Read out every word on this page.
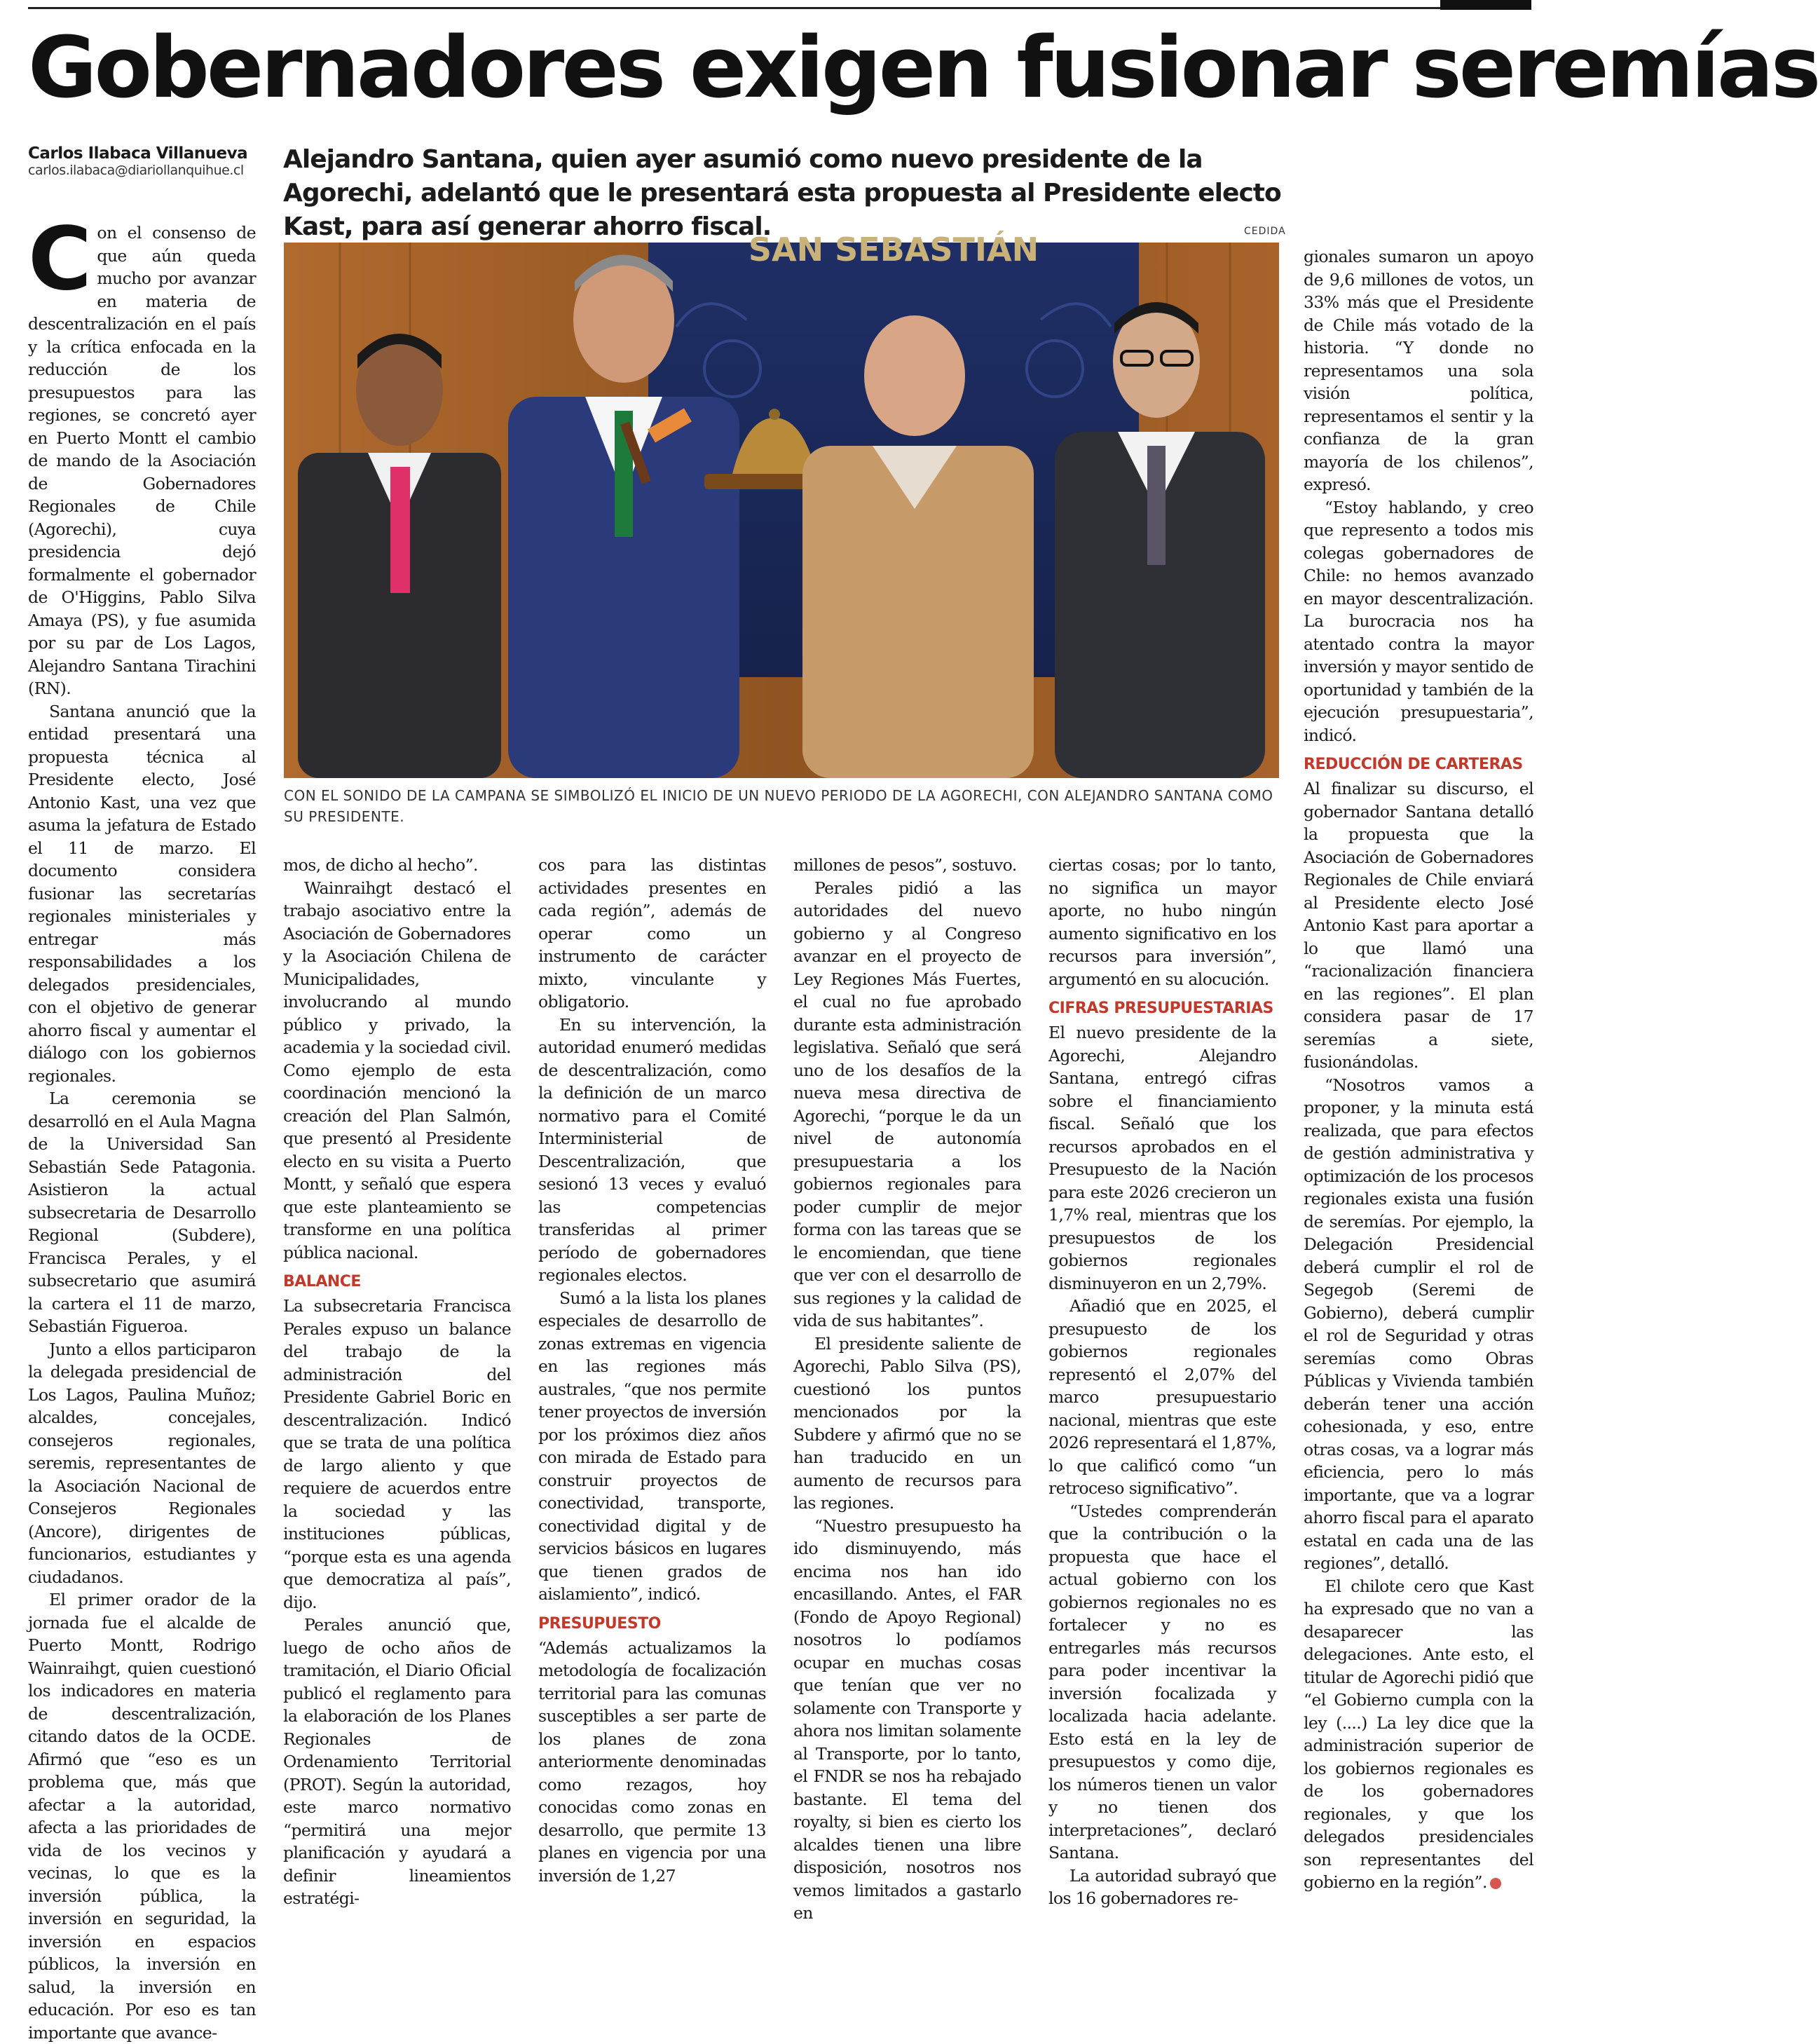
Gobernadores exigen fusionar seremías
Carlos Ilabaca Villanueva
carlos.ilabaca@diariollanquihue.cl	Alejandro Santana, quien ayer asumió como nuevo presidente de la Agorechi, adelantó que le presentará esta propuesta al Presidente electo Kast, para así generar ahorro fiscal.	CEDIDA
SAN SEBASTIÁN
CON EL SONIDO DE LA CAMPANA SE SIMBOLIZÓ EL INICIO DE UN NUEVO PERIODO DE LA AGORECHI, CON ALEJANDRO SANTANA COMO SU PRESIDENTE.

Con el consenso de que aún queda mucho por avanzar en materia de descentralización en el país y la crítica enfocada en la reducción de los presupuestos para las regiones, se concretó ayer en Puerto Montt el cambio de mando de la Asociación de Gobernadores Regionales de Chile (Agorechi), cuya presidencia dejó formalmente el gobernador de O'Higgins, Pablo Silva Amaya (PS), y fue asumida por su par de Los Lagos, Alejandro Santana Tirachini (RN).

Santana anunció que la entidad presentará una propuesta técnica al Presidente electo, José Antonio Kast, una vez que asuma la jefatura de Estado el 11 de marzo. El documento considera fusionar las secretarías regionales ministeriales y entregar más responsabilidades a los delegados presidenciales, con el objetivo de generar ahorro fiscal y aumentar el diálogo con los gobiernos regionales.

La ceremonia se desarrolló en el Aula Magna de la Universidad San Sebastián Sede Patagonia. Asistieron la actual subsecretaria de Desarrollo Regional (Subdere), Francisca Perales, y el subsecretario que asumirá la cartera el 11 de marzo, Sebastián Figueroa.

Junto a ellos participaron la delegada presidencial de Los Lagos, Paulina Muñoz; alcaldes, concejales, consejeros regionales, seremis, representantes de la Asociación Nacional de Consejeros Regionales (Ancore), dirigentes de funcionarios, estudiantes y ciudadanos.

El primer orador de la jornada fue el alcalde de Puerto Montt, Rodrigo Wainraihgt, quien cuestionó los indicadores en materia de descentralización, citando datos de la OCDE. Afirmó que “eso es un problema que, más que afectar a la autoridad, afecta a las prioridades de vida de los vecinos y vecinas, lo que es la inversión pública, la inversión en seguridad, la inversión en espacios públicos, la inversión en salud, la inversión en educación. Por eso es tan importante que avance-

mos, de dicho al hecho”.

Wainraihgt destacó el trabajo asociativo entre la Asociación de Gobernadores y la Asociación Chilena de Municipalidades, involucrando al mundo público y privado, la academia y la sociedad civil. Como ejemplo de esta coordinación mencionó la creación del Plan Salmón, que presentó al Presidente electo en su visita a Puerto Montt, y señaló que espera que este planteamiento se transforme en una política pública nacional.

BALANCE

La subsecretaria Francisca Perales expuso un balance del trabajo de la administración del Presidente Gabriel Boric en descentralización. Indicó que se trata de una política de largo aliento y que requiere de acuerdos entre la sociedad y las instituciones públicas, “porque esta es una agenda que democratiza al país”, dijo.

Perales anunció que, luego de ocho años de tramitación, el Diario Oficial publicó el reglamento para la elaboración de los Planes Regionales de Ordenamiento Territorial (PROT). Según la autoridad, este marco normativo “permitirá una mejor planificación y ayudará a definir lineamientos estratégi-

cos para las distintas actividades presentes en cada región”, además de operar como un instrumento de carácter mixto, vinculante y obligatorio.

En su intervención, la autoridad enumeró medidas de descentralización, como la definición de un marco normativo para el Comité Interministerial de Descentralización, que sesionó 13 veces y evaluó las competencias transferidas al primer período de gobernadores regionales electos.

Sumó a la lista los planes especiales de desarrollo de zonas extremas en vigencia en las regiones más australes, “que nos permite tener proyectos de inversión por los próximos diez años con mirada de Estado para construir proyectos de conectividad, transporte, conectividad digital y de servicios básicos en lugares que tienen grados de aislamiento”, indicó.

PRESUPUESTO

“Además actualizamos la metodología de focalización territorial para las comunas susceptibles a ser parte de los planes de zona anteriormente denominadas como rezagos, hoy conocidas como zonas en desarrollo, que permite 13 planes en vigencia por una inversión de 1,27

millones de pesos”, sostuvo.

Perales pidió a las autoridades del nuevo gobierno y al Congreso avanzar en el proyecto de Ley Regiones Más Fuertes, el cual no fue aprobado durante esta administración legislativa. Señaló que será uno de los desafíos de la nueva mesa directiva de Agorechi, “porque le da un nivel de autonomía presupuestaria a los gobiernos regionales para poder cumplir de mejor forma con las tareas que se le encomiendan, que tiene que ver con el desarrollo de sus regiones y la calidad de vida de sus habitantes”.

El presidente saliente de Agorechi, Pablo Silva (PS), cuestionó los puntos mencionados por la Subdere y afirmó que no se han traducido en un aumento de recursos para las regiones.

“Nuestro presupuesto ha ido disminuyendo, más encima nos han ido encasillando. Antes, el FAR (Fondo de Apoyo Regional) nosotros lo podíamos ocupar en muchas cosas que tenían que ver no solamente con Transporte y ahora nos limitan solamente al Transporte, por lo tanto, el FNDR se nos ha rebajado bastante. El tema del royalty, si bien es cierto los alcaldes tienen una libre disposición, nosotros nos vemos limitados a gastarlo en

ciertas cosas; por lo tanto, no significa un mayor aporte, no hubo ningún aumento significativo en los recursos para inversión”, argumentó en su alocución.

CIFRAS PRESUPUESTARIAS

El nuevo presidente de la Agorechi, Alejandro Santana, entregó cifras sobre el financiamiento fiscal. Señaló que los recursos aprobados en el Presupuesto de la Nación para este 2026 crecieron un 1,7% real, mientras que los presupuestos de los gobiernos regionales disminuyeron en un 2,79%.

Añadió que en 2025, el presupuesto de los gobiernos regionales representó el 2,07% del marco presupuestario nacional, mientras que este 2026 representará el 1,87%, lo que calificó como “un retroceso significativo”.

“Ustedes comprenderán que la contribución o la propuesta que hace el actual gobierno con los gobiernos regionales no es fortalecer y no es entregarles más recursos para poder incentivar la inversión focalizada y localizada hacia adelante. Esto está en la ley de presupuestos y como dije, los números tienen un valor y no tienen dos interpretaciones”, declaró Santana.

La autoridad subrayó que los 16 gobernadores re-

gionales sumaron un apoyo de 9,6 millones de votos, un 33% más que el Presidente de Chile más votado de la historia. “Y donde no representamos una sola visión política, representamos el sentir y la confianza de la gran mayoría de los chilenos”, expresó.

“Estoy hablando, y creo que represento a todos mis colegas gobernadores de Chile: no hemos avanzado en mayor descentralización. La burocracia nos ha atentado contra la mayor inversión y mayor sentido de oportunidad y también de la ejecución presupuestaria”, indicó.

REDUCCIÓN DE CARTERAS

Al finalizar su discurso, el gobernador Santana detalló la propuesta que la Asociación de Gobernadores Regionales de Chile enviará al Presidente electo José Antonio Kast para aportar a lo que llamó una “racionalización financiera en las regiones”. El plan considera pasar de 17 seremías a siete, fusionándolas.

“Nosotros vamos a proponer, y la minuta está realizada, que para efectos de gestión administrativa y optimización de los procesos regionales exista una fusión de seremías. Por ejemplo, la Delegación Presidencial deberá cumplir el rol de Segegob (Seremi de Gobierno), deberá cumplir el rol de Seguridad y otras seremías como Obras Públicas y Vivienda también deberán tener una acción cohesionada, y eso, entre otras cosas, va a lograr más eficiencia, pero lo más importante, que va a lograr ahorro fiscal para el aparato estatal en cada una de las regiones”, detalló.

El chilote cero que Kast ha expresado que no van a desaparecer las delegaciones. Ante esto, el titular de Agorechi pidió que “el Gobierno cumpla con la ley (....) La ley dice que la administración superior de los gobiernos regionales es de los gobernadores regionales, y que los delegados presidenciales son representantes del gobierno en la región”.
